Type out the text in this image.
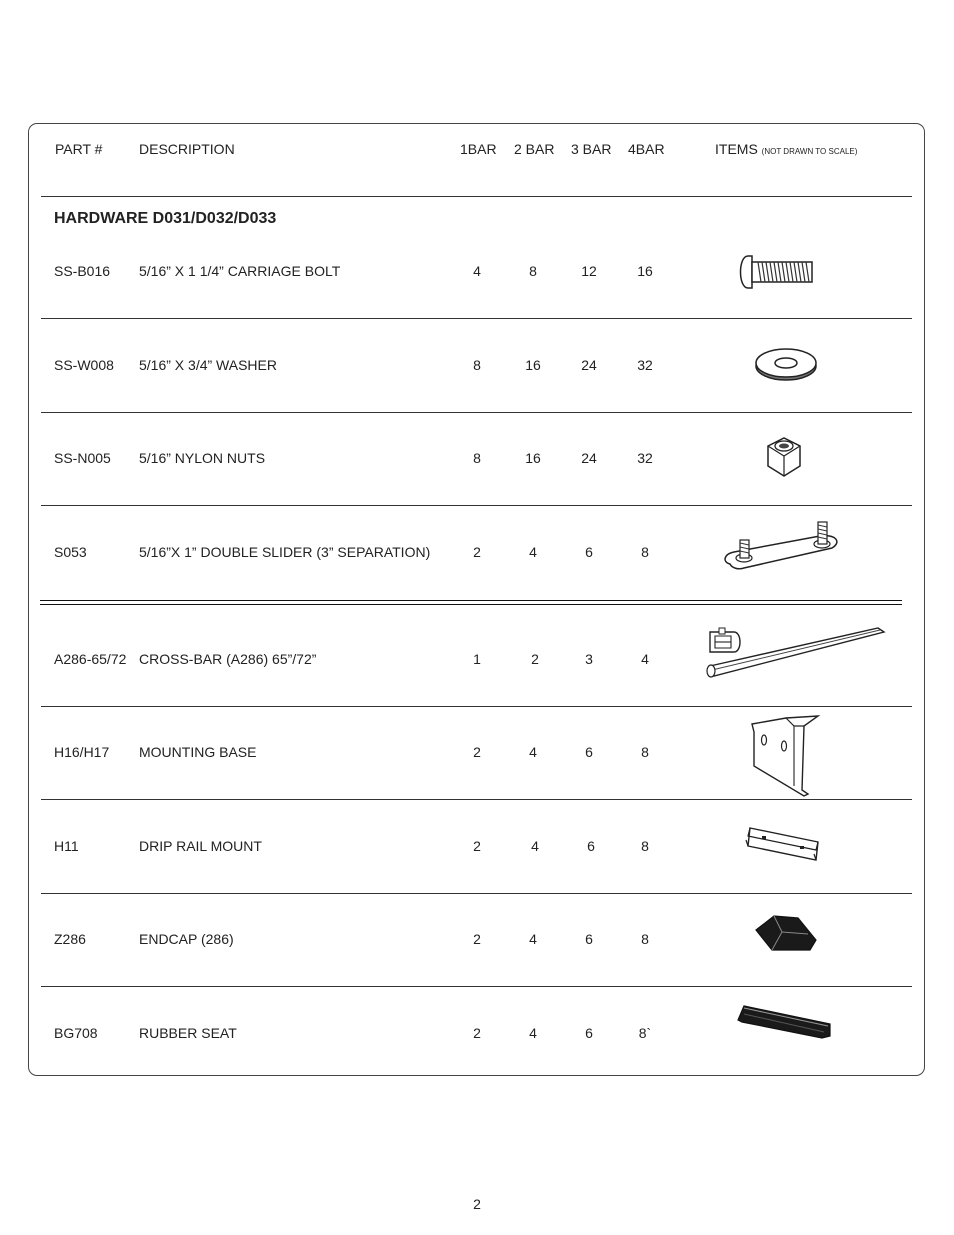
PART #	DESCRIPTION	1BAR 2 BAR 3 BAR 4BAR	ITEMS (NOT DRAWN TO SCALE)
HARDWARE D031/D032/D033
SS-B016 5/16” X 1 1/4” CARRIAGE BOLT	4	8	12	16
SS-W008 5/16” X 3/4” WASHER	8	16	24	32
SS-N005 5/16” NYLON NUTS	8	16	24	32
S053	5/16”X 1” DOUBLE SLIDER (3” SEPARATION)	2	4	6	8
A286-65/72 CROSS-BAR (A286) 65”/72”	1	2	3	4
H16/H17 MOUNTING BASE	2	4	6	8
H11	DRIP RAIL MOUNT	2	4	6	8
Z286	ENDCAP (286)	2	4	6	8
BG708	RUBBER SEAT	2	4	6	8`
2
